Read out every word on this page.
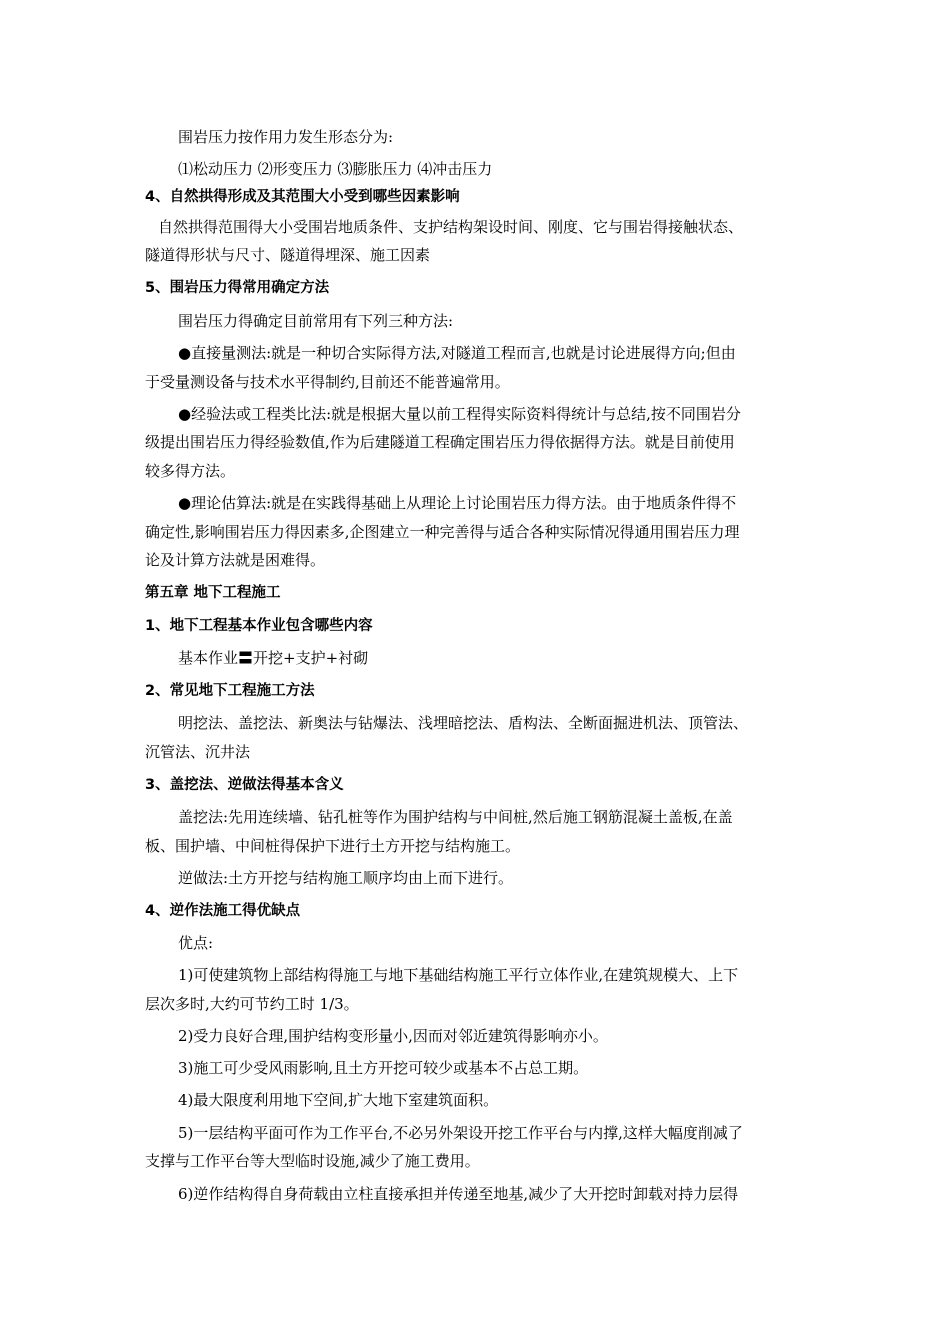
围岩压力按作用力发生形态分为:
⑴松动压力 ⑵形变压力 ⑶膨胀压力 ⑷冲击压力
4、自然拱得形成及其范围大小受到哪些因素影响
自然拱得范围得大小受围岩地质条件、支护结构架设时间、刚度、它与围岩得接触状态、
隧道得形状与尺寸、隧道得埋深、施工因素
5、围岩压力得常用确定方法
围岩压力得确定目前常用有下列三种方法:
●直接量测法:就是一种切合实际得方法,对隧道工程而言,也就是讨论进展得方向;但由
于受量测设备与技术水平得制约,目前还不能普遍常用。
●经验法或工程类比法:就是根据大量以前工程得实际资料得统计与总结,按不同围岩分
级提出围岩压力得经验数值,作为后建隧道工程确定围岩压力得依据得方法。就是目前使用
较多得方法。
●理论估算法:就是在实践得基础上从理论上讨论围岩压力得方法。由于地质条件得不
确定性,影响围岩压力得因素多,企图建立一种完善得与适合各种实际情况得通用围岩压力理
论及计算方法就是困难得。
第五章 地下工程施工
1、地下工程基本作业包含哪些内容
基本作业〓开挖+支护+衬砌
2、常见地下工程施工方法
明挖法、盖挖法、新奥法与钻爆法、浅埋暗挖法、盾构法、全断面掘进机法、顶管法、
沉管法、沉井法
3、盖挖法、逆做法得基本含义
盖挖法:先用连续墙、钻孔桩等作为围护结构与中间桩,然后施工钢筋混凝土盖板,在盖
板、围护墙、中间桩得保护下进行土方开挖与结构施工。
逆做法:土方开挖与结构施工顺序均由上而下进行。
4、逆作法施工得优缺点
优点:
1)可使建筑物上部结构得施工与地下基础结构施工平行立体作业,在建筑规模大、上下
层次多时,大约可节约工时 1/3。
2)受力良好合理,围护结构变形量小,因而对邻近建筑得影响亦小。
3)施工可少受风雨影响,且土方开挖可较少或基本不占总工期。
4)最大限度利用地下空间,扩大地下室建筑面积。
5)一层结构平面可作为工作平台,不必另外架设开挖工作平台与内撑,这样大幅度削减了
支撑与工作平台等大型临时设施,减少了施工费用。
6)逆作结构得自身荷载由立柱直接承担并传递至地基,减少了大开挖时卸载对持力层得
